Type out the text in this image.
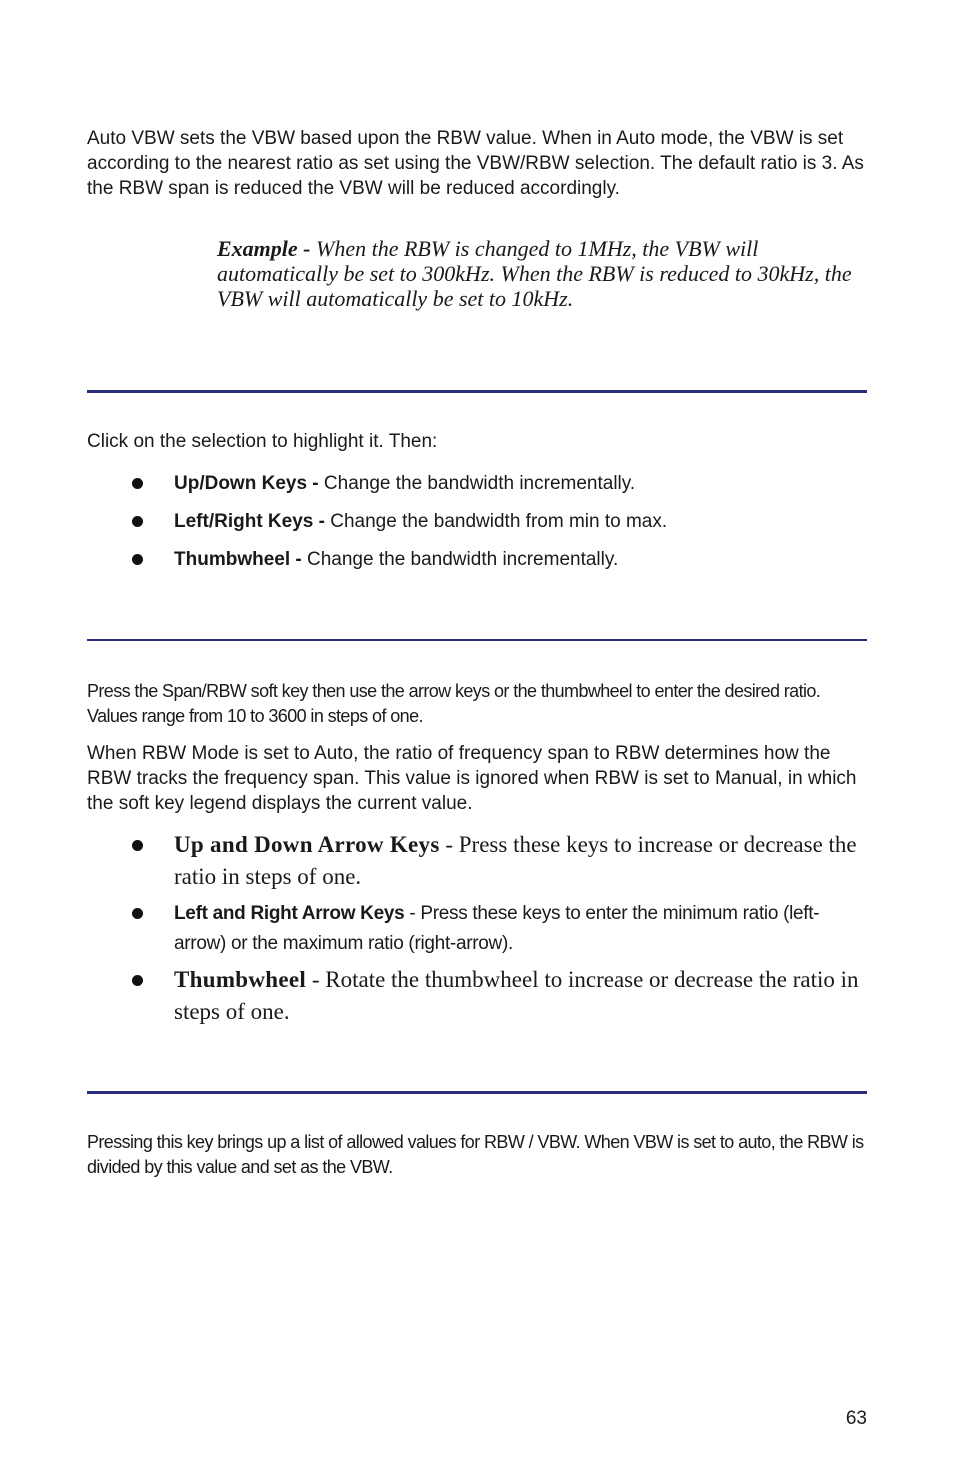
Auto VBW sets the VBW based upon the RBW value. When in Auto mode, the VBW is set according to the nearest ratio as set using the VBW/RBW selection. The default ratio is 3. As the RBW span is reduced the VBW will be reduced accordingly.

Example - When the RBW is changed to 1MHz, the VBW will automatically be set to 300kHz. When the RBW is reduced to 30kHz, the VBW will automatically be set to 10kHz.

Click on the selection to highlight it. Then:

Up/Down Keys - Change the bandwidth incrementally.
Left/Right Keys - Change the bandwidth from min to max.
Thumbwheel - Change the bandwidth incrementally.

Press the Span/RBW soft key then use the arrow keys or the thumbwheel to enter the desired ratio. Values range from 10 to 3600 in steps of one.

When RBW Mode is set to Auto, the ratio of frequency span to RBW determines how the RBW tracks the frequency span. This value is ignored when RBW is set to Manual, in which the soft key legend displays the current value.

Up and Down Arrow Keys - Press these keys to increase or decrease the ratio in steps of one.
Left and Right Arrow Keys - Press these keys to enter the minimum ratio (left-arrow) or the maximum ratio (right-arrow).
Thumbwheel - Rotate the thumbwheel to increase or decrease the ratio in steps of one.

Pressing this key brings up a list of allowed values for RBW / VBW. When VBW is set to auto, the RBW is divided by this value and set as the VBW.

63
